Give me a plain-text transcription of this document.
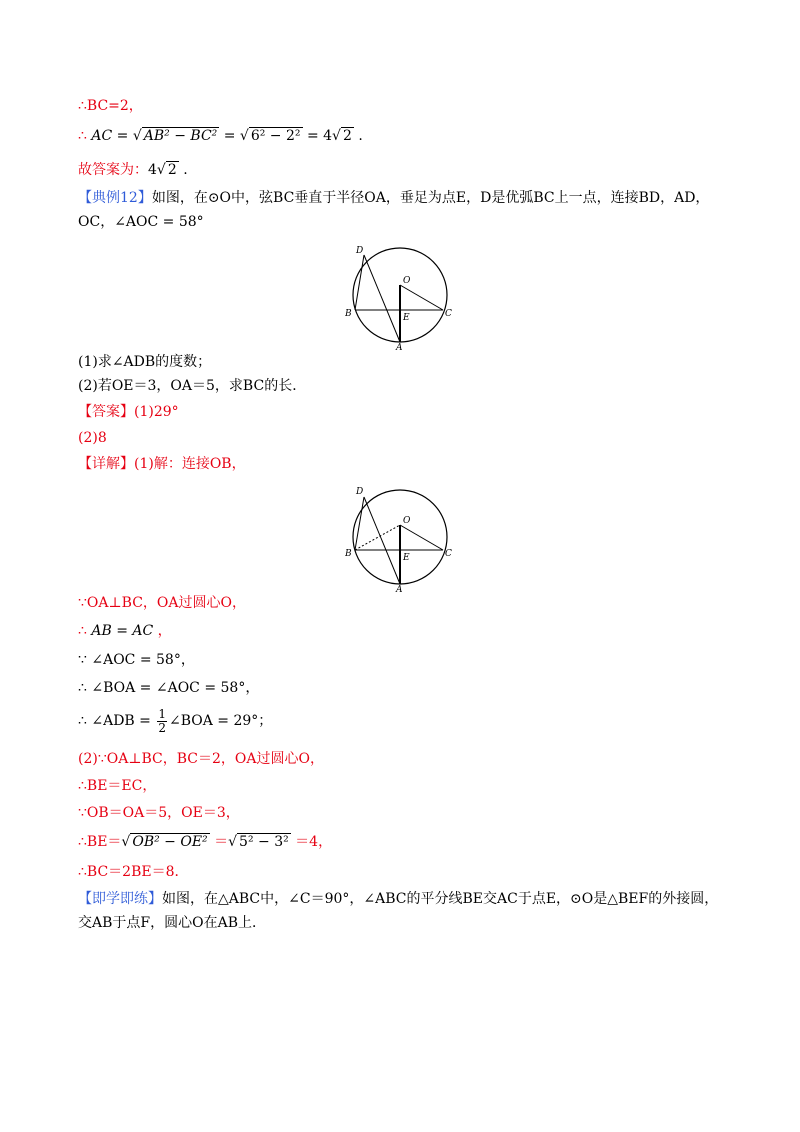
∴BC=2，
∴ AC = √ AB² − BC² = √ 6² − 2² = 4√ 2 .
故答案为：4√ 2 .
【典例12】如图，在⊙O中，弦BC垂直于半径OA，垂足为点E，D是优弧BC上一点，连接BD，AD，
OC，∠AOC = 58°
D
O
B	E	C
A
(1)求∠ADB的度数；
(2)若OE＝3，OA＝5，求BC的长．
【答案】(1)29°
(2)8
【详解】(1)解：连接OB，
D
O
B	E	C
A
∵OA⊥BC，OA过圆心O，
∴ AB = AC ，
∵ ∠AOC = 58°，
∴ ∠BOA = ∠AOC = 58°，
∴ ∠ADB = $\frac{1}{2}$ ∠BOA = 29°；
(2)∵OA⊥BC，BC＝2，OA过圆心O，
∴BE＝EC，
∵OB＝OA＝5，OE＝3，
∴BE＝√ OB² − OE² ＝√ 5² − 3² ＝4，
∴BC＝2BE＝8．
【即学即练】如图，在△ABC中，∠C＝90°，∠ABC的平分线BE交AC于点E，⊙O是△BEF的外接圆，
交AB于点F，圆心O在AB上．
